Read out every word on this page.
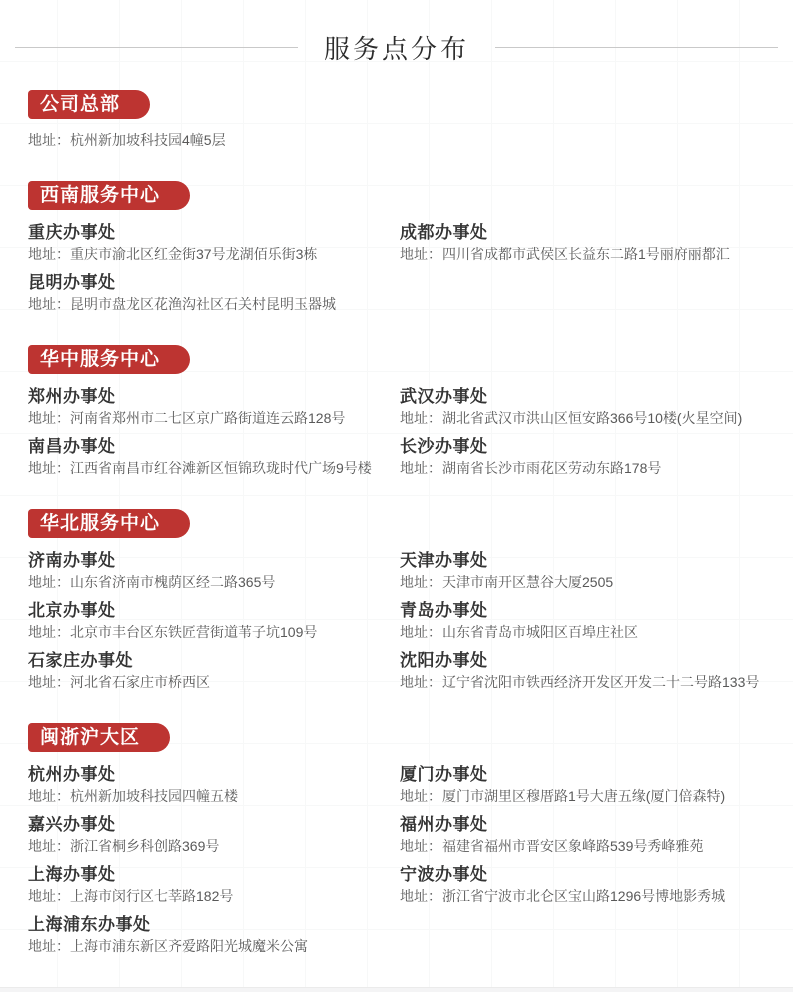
服务点分布
公司总部
地址：杭州新加坡科技园4幢5层
西南服务中心
重庆办事处
地址：重庆市渝北区红金街37号龙湖佰乐街3栋
成都办事处
地址：四川省成都市武侯区长益东二路1号丽府丽都汇
昆明办事处
地址：昆明市盘龙区花渔沟社区石关村昆明玉器城
华中服务中心
郑州办事处
地址：河南省郑州市二七区京广路街道连云路128号
武汉办事处
地址：湖北省武汉市洪山区恒安路366号10楼(火星空间)
南昌办事处
地址：江西省南昌市红谷滩新区恒锦玖珑时代广场9号楼
长沙办事处
地址：湖南省长沙市雨花区劳动东路178号
华北服务中心
济南办事处
地址：山东省济南市槐荫区经二路365号
天津办事处
地址：天津市南开区慧谷大厦2505
北京办事处
地址：北京市丰台区东铁匠营街道苇子坑109号
青岛办事处
地址：山东省青岛市城阳区百埠庄社区
石家庄办事处
地址：河北省石家庄市桥西区
沈阳办事处
地址：辽宁省沈阳市铁西经济开发区开发二十二号路133号
闽浙沪大区
杭州办事处
地址：杭州新加坡科技园四幢五楼
厦门办事处
地址：厦门市湖里区穆厝路1号大唐五缘(厦门倍森特)
嘉兴办事处
地址：浙江省桐乡科创路369号
福州办事处
地址：福建省福州市晋安区象峰路539号秀峰雅苑
上海办事处
地址：上海市闵行区七莘路182号
宁波办事处
地址：浙江省宁波市北仑区宝山路1296号博地影秀城
上海浦东办事处
地址：上海市浦东新区齐爱路阳光城魔米公寓
